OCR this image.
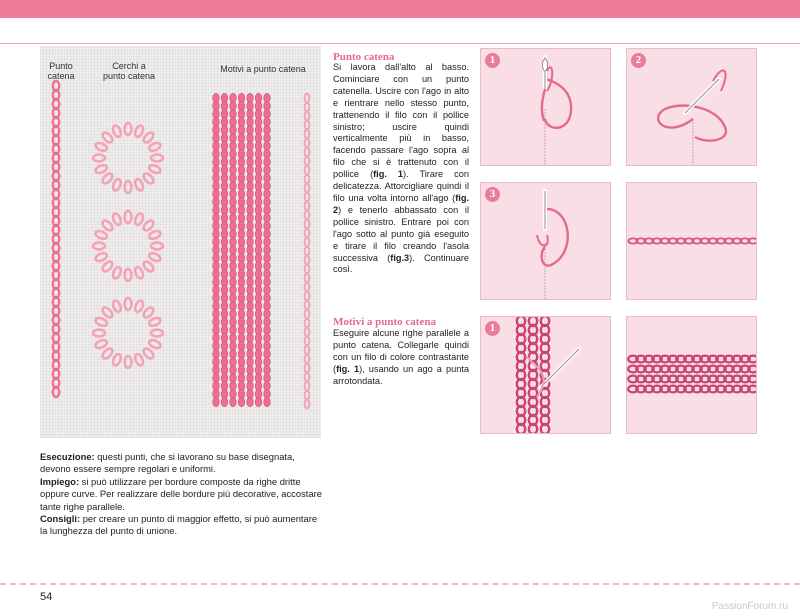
Punto
catena
Cerchi a
punto catena
Motivi a punto catena

Esecuzione: questi punti, che si lavorano su base disegnata, devono essere sempre regolari e uniformi.

Impiego: si può utilizzare per bordure composte da righe dritte oppure curve. Per realizzare delle bordure più decorative, accostare tante righe parallele.

Consigli: per creare un punto di maggior effetto, si può aumentare la lunghezza del punto di unione.

Punto catena
Si lavora dall'alto al basso. Cominciare con un punto catenella. Uscire con l'ago in alto e rientrare nello stesso punto, trattenendo il filo con il pollice sinistro; uscire quindi verticalmente più in basso, facendo passare l'ago sopra al filo che si è trattenuto con il pollice (fig. 1). Tirare con delicatezza. Attorcigliare quindi il filo una volta intorno all'ago (fig. 2) e tenerlo abbassato con il pollice sinistro. Entrare poi con l'ago sotto al punto già eseguito e tirare il filo creando l'asola successiva (fig.3). Continuare così.
Motivi a punto catena
Eseguire alcune righe parallele a punto catena. Collegarle quindi con un filo di colore contrastante (fig. 1), usando un ago a punta arrotondata.
1	2
3
1
54
PassionForum.ru
